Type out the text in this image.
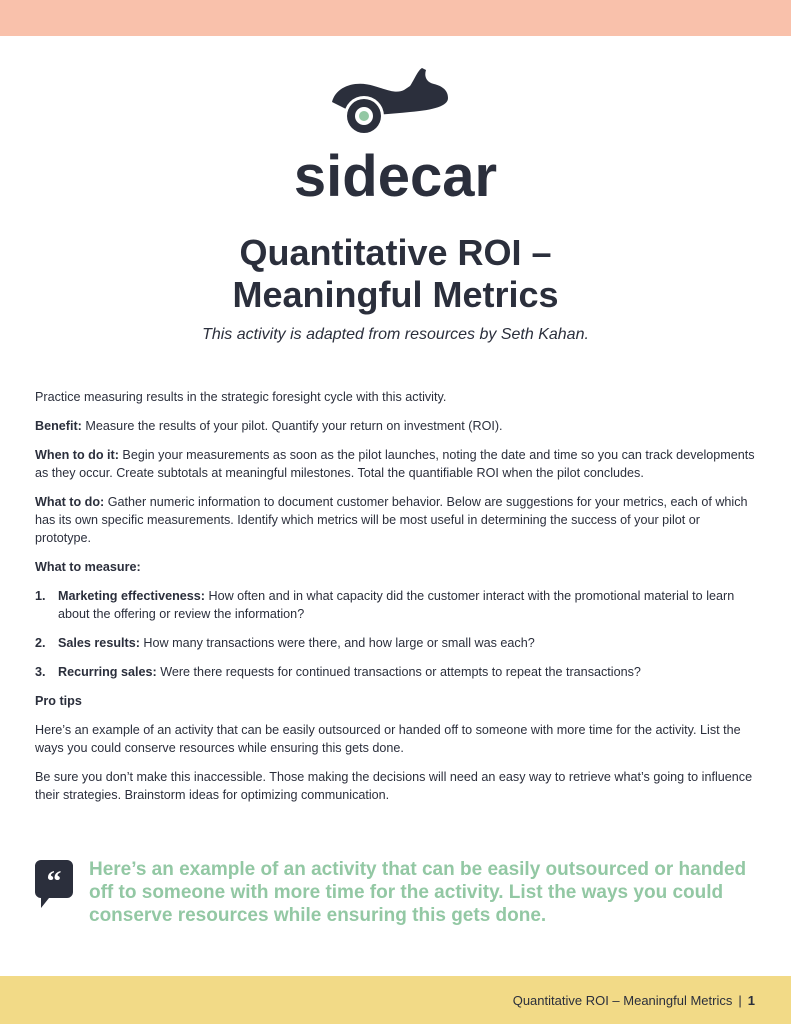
sidecar
Quantitative ROI –
Meaningful Metrics
This activity is adapted from resources by Seth Kahan.

Practice measuring results in the strategic foresight cycle with this activity.

Benefit: Measure the results of your pilot. Quantify your return on investment (ROI).

When to do it: Begin your measurements as soon as the pilot launches, noting the date and time so you can track developments as they occur. Create subtotals at meaningful milestones. Total the quantifiable ROI when the pilot concludes.

What to do: Gather numeric information to document customer behavior. Below are suggestions for your metrics, each of which has its own specific measurements. Identify which metrics will be most useful in determining the success of your pilot or prototype.

What to measure:
1. Marketing effectiveness: How often and in what capacity did the customer interact with the promotional material to learn about the offering or review the information?
2. Sales results: How many transactions were there, and how large or small was each?
3. Recurring sales: Were there requests for continued transactions or attempts to repeat the transactions?
Pro tips

Here’s an example of an activity that can be easily outsourced or handed off to someone with more time for the activity. List the ways you could conserve resources while ensuring this gets done.

Be sure you don’t make this inaccessible. Those making the decisions will need an easy way to retrieve what’s going to influence their strategies. Brainstorm ideas for optimizing communication.

“ Here’s an example of an activity that can be easily outsourced or handed off to someone with more time for the activity. List the ways you could conserve resources while ensuring this gets done.
Quantitative ROI – Meaningful Metrics | 1
